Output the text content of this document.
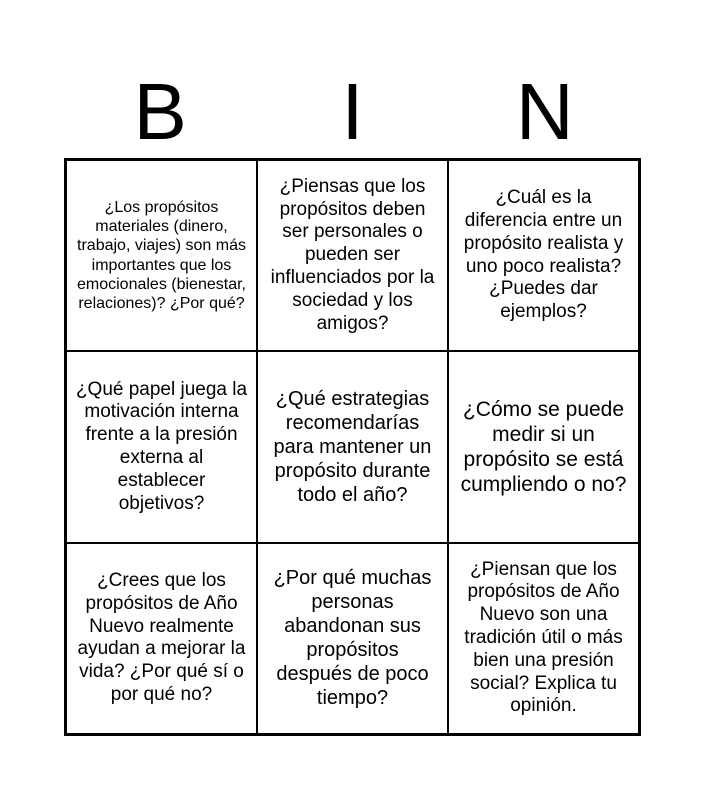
B	I	N
¿Los propósitos materiales (dinero, trabajo, viajes) son más importantes que los emocionales (bienestar, relaciones)? ¿Por qué?
¿Piensas que los propósitos deben ser personales o pueden ser influenciados por la sociedad y los amigos?
¿Cuál es la diferencia entre un propósito realista y uno poco realista? ¿Puedes dar ejemplos?
¿Qué papel juega la motivación interna frente a la presión externa al establecer objetivos?
¿Qué estrategias recomendarías para mantener un propósito durante todo el año?
¿Cómo se puede medir si un propósito se está cumpliendo o no?
¿Crees que los propósitos de Año Nuevo realmente ayudan a mejorar la vida? ¿Por qué sí o por qué no?
¿Por qué muchas personas abandonan sus propósitos después de poco tiempo?
¿Piensan que los propósitos de Año Nuevo son una tradición útil o más bien una presión social? Explica tu opinión.
